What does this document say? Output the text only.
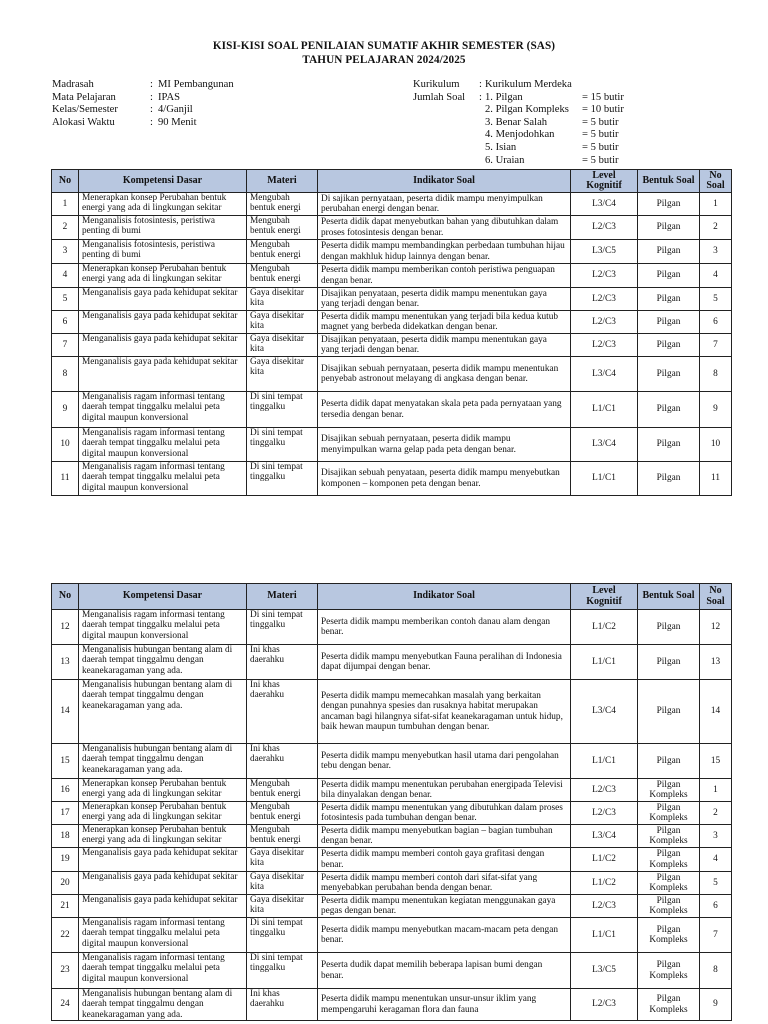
KISI-KISI SOAL PENILAIAN SUMATIF AKHIR SEMESTER (SAS)
TAHUN PELAJARAN 2024/2025
Madrasah	: MI Pembangunan
Mata Pelajaran	: IPAS
Kelas/Semester	: 4/Ganjil
Alokasi Waktu	: 90 Menit
Kurikulum	: Kurikulum Merdeka
Jumlah Soal	: 1. Pilgan	= 15 butir
2. Pilgan Kompleks	= 10 butir
3. Benar Salah	= 5 butir
4. Menjodohkan	= 5 butir
5. Isian	= 5 butir
6. Uraian	= 5 butir
No	Kompetensi Dasar	Materi	Indikator Soal	Level Kognitif	Bentuk Soal	No Soal
1	Menerapkan konsep Perubahan bentuk energi yang ada di lingkungan sekitar	Mengubah bentuk energi	Di sajikan pernyataan, peserta didik mampu menyimpulkan perubahan energi dengan benar.	L3/C4	Pilgan	1
2	Menganalisis fotosintesis, peristiwa penting di bumi	Mengubah bentuk energi	Peserta didik dapat menyebutkan bahan yang dibutuhkan dalam proses fotosintesis dengan benar.	L2/C3	Pilgan	2
3	Menganalisis fotosintesis, peristiwa penting di bumi	Mengubah bentuk energi	Peserta didik mampu membandingkan perbedaan tumbuhan hijau dengan makhluk hidup lainnya dengan benar.	L3/C5	Pilgan	3
4	Menerapkan konsep Perubahan bentuk energi yang ada di lingkungan sekitar	Mengubah bentuk energi	Peserta didik mampu memberikan contoh peristiwa penguapan dengan benar.	L2/C3	Pilgan	4
5	Menganalisis gaya pada kehidupat sekitar	Gaya disekitar kita	Disajikan penyataan, peserta didik mampu menentukan gaya yang terjadi dengan benar.	L2/C3	Pilgan	5
6	Menganalisis gaya pada kehidupat sekitar	Gaya disekitar kita	Peserta didik mampu menentukan yang terjadi bila kedua kutub magnet yang berbeda didekatkan dengan benar.	L2/C3	Pilgan	6
7	Menganalisis gaya pada kehidupat sekitar	Gaya disekitar kita	Disajikan penyataan, peserta didik mampu menentukan gaya yang terjadi dengan benar.	L2/C3	Pilgan	7
8	Menganalisis gaya pada kehidupat sekitar	Gaya disekitar kita	Disajikan sebuah pernyataan, peserta didik mampu menentukan penyebab astronout melayang di angkasa dengan benar.	L3/C4	Pilgan	8
9	Menganalisis ragam informasi tentang daerah tempat tinggalku melalui peta digital maupun konversional	Di sini tempat tinggalku	Peserta didik dapat menyatakan skala peta pada pernyataan yang tersedia dengan benar.	L1/C1	Pilgan	9
10	Menganalisis ragam informasi tentang daerah tempat tinggalku melalui peta digital maupun konversional	Di sini tempat tinggalku	Disajikan sebuah pernyataan, peserta didik mampu menyimpulkan warna gelap pada peta dengan benar.	L3/C4	Pilgan	10
11	Menganalisis ragam informasi tentang daerah tempat tinggalku melalui peta digital maupun konversional	Di sini tempat tinggalku	Disajikan sebuah penyataan, peserta didik mampu menyebutkan komponen – komponen peta dengan benar.	L1/C1	Pilgan	11
No	Kompetensi Dasar	Materi	Indikator Soal	Level Kognitif	Bentuk Soal	No Soal
12	Menganalisis ragam informasi tentang daerah tempat tinggalku melalui peta digital maupun konversional	Di sini tempat tinggalku	Peserta didik mampu memberikan contoh danau alam dengan benar.	L1/C2	Pilgan	12
13	Menganalisis hubungan bentang alam di daerah tempat tinggalmu dengan keanekaragaman yang ada.	Ini khas daerahku	Peserta didik mampu menyebutkan Fauna peralihan di Indonesia dapat dijumpai dengan benar.	L1/C1	Pilgan	13
14	Menganalisis hubungan bentang alam di daerah tempat tinggalmu dengan keanekaragaman yang ada.	Ini khas daerahku	Peserta didik mampu memecahkan masalah yang berkaitan dengan punahnya spesies dan rusaknya habitat merupakan ancaman bagi hilangnya sifat-sifat keanekaragaman untuk hidup, baik hewan maupun tumbuhan dengan benar.	L3/C4	Pilgan	14
15	Menganalisis hubungan bentang alam di daerah tempat tinggalmu dengan keanekaragaman yang ada.	Ini khas daerahku	Peserta didik mampu menyebutkan hasil utama dari pengolahan tebu dengan benar.	L1/C1	Pilgan	15
16	Menerapkan konsep Perubahan bentuk energi yang ada di lingkungan sekitar	Mengubah bentuk energi	Peserta didik mampu menentukan perubahan energipada Televisi bila dinyalakan dengan benar.	L2/C3	Pilgan Kompleks	1
17	Menerapkan konsep Perubahan bentuk energi yang ada di lingkungan sekitar	Mengubah bentuk energi	Peserta didik mampu menentukan yang dibutuhkan dalam proses fotosintesis pada tumbuhan dengan benar.	L2/C3	Pilgan Kompleks	2
18	Menerapkan konsep Perubahan bentuk energi yang ada di lingkungan sekitar	Mengubah bentuk energi	Peserta didik mampu menyebutkan bagian – bagian tumbuhan dengan benar.	L3/C4	Pilgan Kompleks	3
19	Menganalisis gaya pada kehidupat sekitar	Gaya disekitar kita	Peserta didik mampu memberi contoh gaya grafitasi dengan benar.	L1/C2	Pilgan Kompleks	4
20	Menganalisis gaya pada kehidupat sekitar	Gaya disekitar kita	Peserta didik mampu memberi contoh dari sifat-sifat yang menyebabkan perubahan benda dengan benar.	L1/C2	Pilgan Kompleks	5
21	Menganalisis gaya pada kehidupat sekitar	Gaya disekitar kita	Peserta didik mampu menentukan kegiatan menggunakan gaya pegas dengan benar.	L2/C3	Pilgan Kompleks	6
22	Menganalisis ragam informasi tentang daerah tempat tinggalku melalui peta digital maupun konversional	Di sini tempat tinggalku	Peserta didik mampu menyebutkan macam-macam peta dengan benar.	L1/C1	Pilgan Kompleks	7
23	Menganalisis ragam informasi tentang daerah tempat tinggalku melalui peta digital maupun konversional	Di sini tempat tinggalku	Peserta dudik dapat memilih beberapa lapisan bumi dengan benar.	L3/C5	Pilgan Kompleks	8
24	Menganalisis hubungan bentang alam di daerah tempat tinggalmu dengan keanekaragaman yang ada.	Ini khas daerahku	Peserta didik mampu menentukan unsur-unsur iklim yang mempengaruhi keragaman flora dan fauna	L2/C3	Pilgan Kompleks	9
